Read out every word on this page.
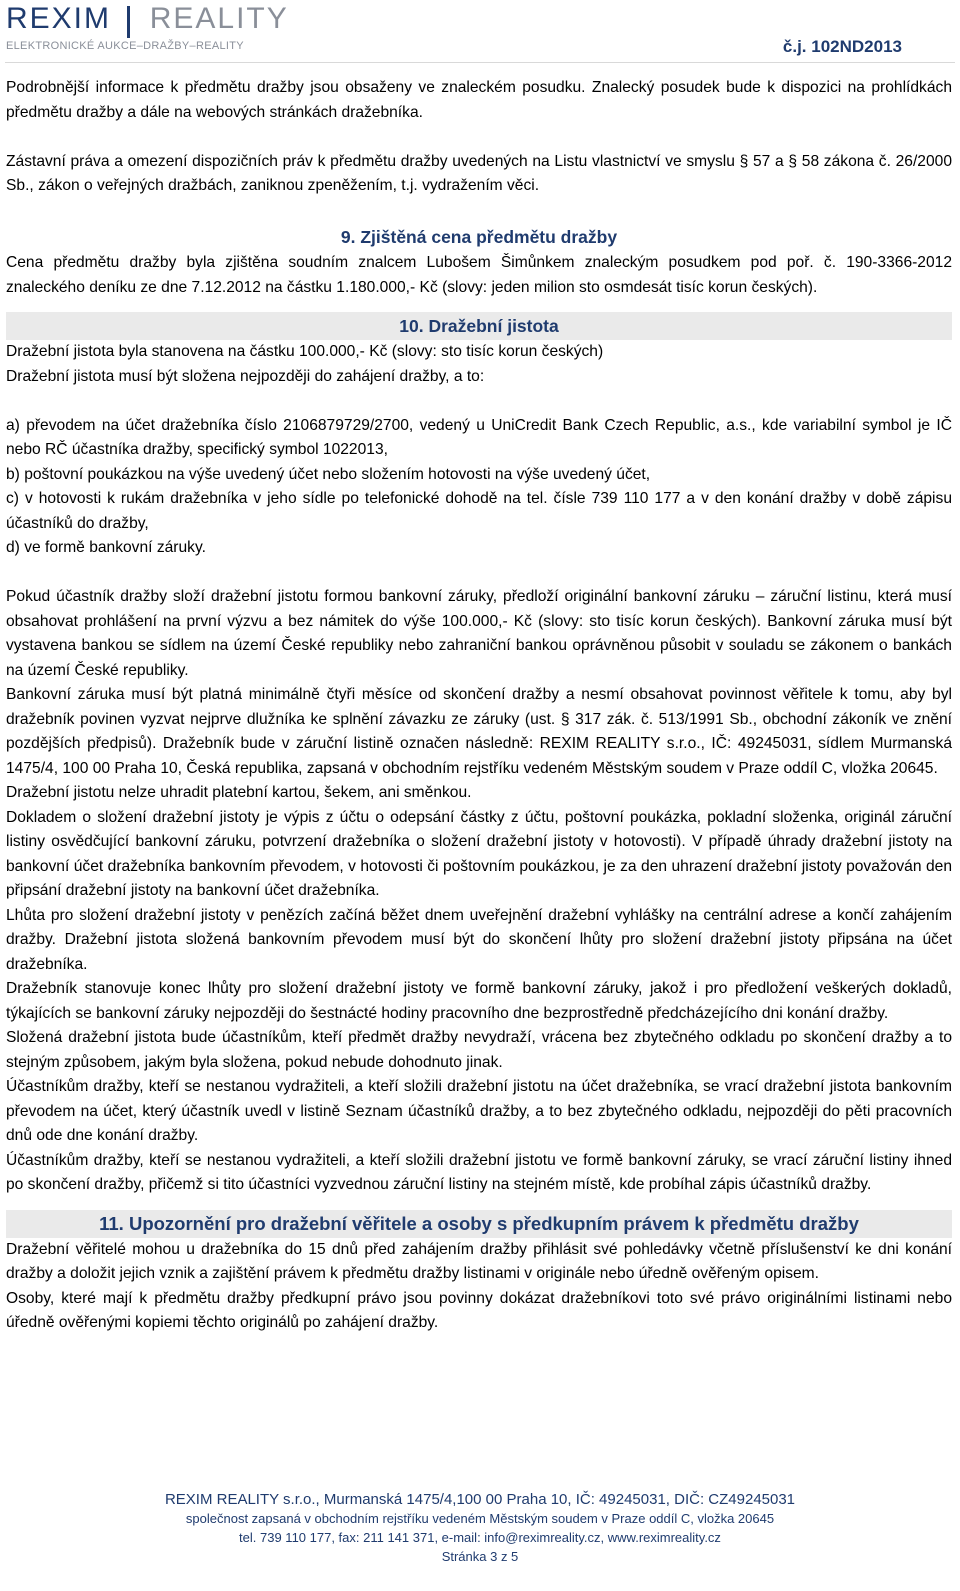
REXIM REALITY
ELEKTRONICKÉ AUKCE–DRAŽBY–REALITY	č.j. 102ND2013

Podrobnější informace k předmětu dražby jsou obsaženy ve znaleckém posudku. Znalecký posudek bude k dispozici na prohlídkách předmětu dražby a dále na webových stránkách dražebníka.

Zástavní práva a omezení dispozičních práv k předmětu dražby uvedených na Listu vlastnictví ve smyslu § 57 a § 58 zákona č. 26/2000 Sb., zákon o veřejných dražbách, zaniknou zpeněžením, t.j. vydražením věci.

9. Zjištěná cena předmětu dražby

Cena předmětu dražby byla zjištěna soudním znalcem Lubošem Šimůnkem znaleckým posudkem pod poř. č. 190-3366-2012 znaleckého deníku ze dne 7.12.2012 na částku 1.180.000,- Kč (slovy: jeden milion sto osmdesát tisíc korun českých).

10. Dražební jistota

Dražební jistota byla stanovena na částku 100.000,- Kč (slovy: sto tisíc korun českých)

Dražební jistota musí být složena nejpozději do zahájení dražby, a to:

a) převodem na účet dražebníka číslo 2106879729/2700, vedený u UniCredit Bank Czech Republic, a.s., kde variabilní symbol je IČ nebo RČ účastníka dražby, specifický symbol 1022013,

b) poštovní poukázkou na výše uvedený účet nebo složením hotovosti na výše uvedený účet,

c) v hotovosti k rukám dražebníka v jeho sídle po telefonické dohodě na tel. čísle 739 110 177 a v den konání dražby v době zápisu účastníků do dražby,

d) ve formě bankovní záruky.

Pokud účastník dražby složí dražební jistotu formou bankovní záruky, předloží originální bankovní záruku – záruční listinu, která musí obsahovat prohlášení na první výzvu a bez námitek do výše 100.000,- Kč (slovy: sto tisíc korun českých). Bankovní záruka musí být vystavena bankou se sídlem na území České republiky nebo zahraniční bankou oprávněnou působit v souladu se zákonem o bankách na území České republiky.

Bankovní záruka musí být platná minimálně čtyři měsíce od skončení dražby a nesmí obsahovat povinnost věřitele k tomu, aby byl dražebník povinen vyzvat nejprve dlužníka ke splnění závazku ze záruky (ust. § 317 zák. č. 513/1991 Sb., obchodní zákoník ve znění pozdějších předpisů). Dražebník bude v záruční listině označen následně: REXIM REALITY s.r.o., IČ: 49245031, sídlem Murmanská 1475/4, 100 00 Praha 10, Česká republika, zapsaná v obchodním rejstříku vedeném Městským soudem v Praze oddíl C, vložka 20645.

Dražební jistotu nelze uhradit platební kartou, šekem, ani směnkou.

Dokladem o složení dražební jistoty je výpis z účtu o odepsání částky z účtu, poštovní poukázka, pokladní složenka, originál záruční listiny osvědčující bankovní záruku, potvrzení dražebníka o složení dražební jistoty v hotovosti). V případě úhrady dražební jistoty na bankovní účet dražebníka bankovním převodem, v hotovosti či poštovním poukázkou, je za den uhrazení dražební jistoty považován den připsání dražební jistoty na bankovní účet dražebníka.

Lhůta pro složení dražební jistoty v penězích začíná běžet dnem uveřejnění dražební vyhlášky na centrální adrese a končí zahájením dražby. Dražební jistota složená bankovním převodem musí být do skončení lhůty pro složení dražební jistoty připsána na účet dražebníka.

Dražebník stanovuje konec lhůty pro složení dražební jistoty ve formě bankovní záruky, jakož i pro předložení veškerých dokladů, týkajících se bankovní záruky nejpozději do šestnácté hodiny pracovního dne bezprostředně předcházejícího dni konání dražby.

Složená dražební jistota bude účastníkům, kteří předmět dražby nevydraží, vrácena bez zbytečného odkladu po skončení dražby a to stejným způsobem, jakým byla složena, pokud nebude dohodnuto jinak.

Účastníkům dražby, kteří se nestanou vydražiteli, a kteří složili dražební jistotu na účet dražebníka, se vrací dražební jistota bankovním převodem na účet, který účastník uvedl v listině Seznam účastníků dražby, a to bez zbytečného odkladu, nejpozději do pěti pracovních dnů ode dne konání dražby.

Účastníkům dražby, kteří se nestanou vydražiteli, a kteří složili dražební jistotu ve formě bankovní záruky, se vrací záruční listiny ihned po skončení dražby, přičemž si tito účastníci vyzvednou záruční listiny na stejném místě, kde probíhal zápis účastníků dražby.

11. Upozornění pro dražební věřitele a osoby s předkupním právem k předmětu dražby

Dražební věřitelé mohou u dražebníka do 15 dnů před zahájením dražby přihlásit své pohledávky včetně příslušenství ke dni konání dražby a doložit jejich vznik a zajištění právem k předmětu dražby listinami v originále nebo úředně ověřeným opisem.

Osoby, které mají k předmětu dražby předkupní právo jsou povinny dokázat dražebníkovi toto své právo originálními listinami nebo úředně ověřenými kopiemi těchto originálů po zahájení dražby.

REXIM REALITY s.r.o., Murmanská 1475/4,100 00 Praha 10, IČ: 49245031, DIČ: CZ49245031
společnost zapsaná v obchodním rejstříku vedeném Městským soudem v Praze oddíl C, vložka 20645
tel. 739 110 177, fax: 211 141 371, e-mail: info@reximreality.cz, www.reximreality.cz
Stránka 3 z 5
